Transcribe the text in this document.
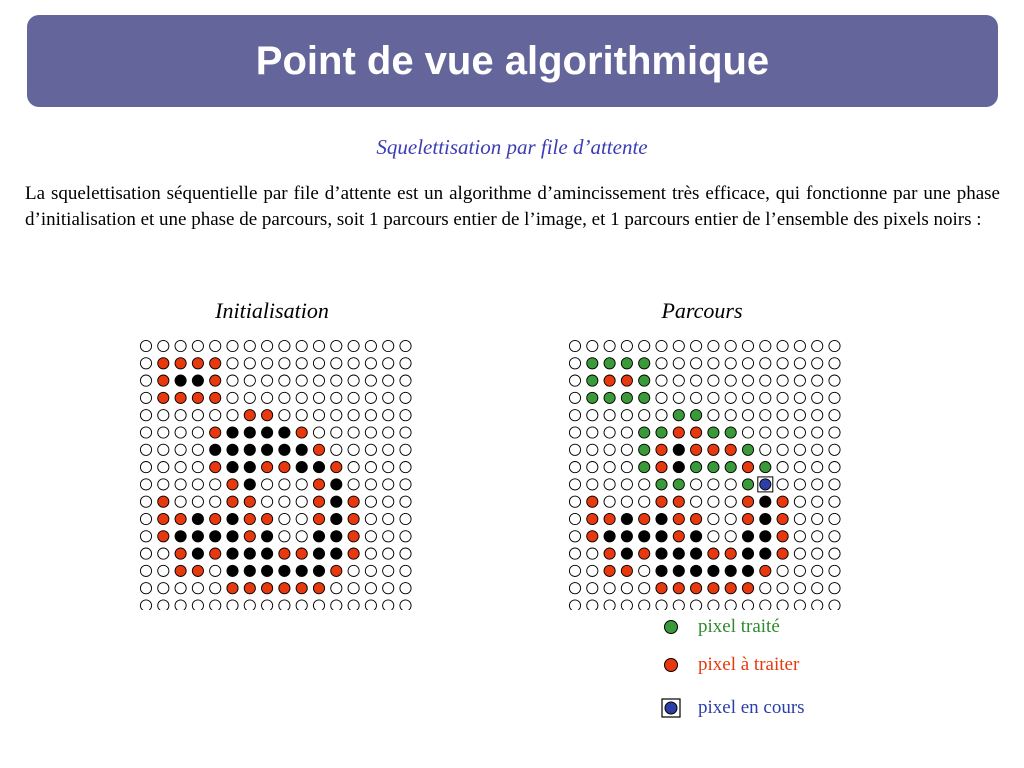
Point de vue algorithmique
Squelettisation par file d’attente

La squelettisation séquentielle par file d’attente est un algorithme d’amincissement très efficace, qui fonctionne par une phase d’initialisation et une phase de parcours, soit 1 parcours entier de l’image, et 1 parcours entier de l’ensemble des pixels noirs :

Initialisation	Parcours
pixel traité
pixel à traiter
pixel en cours
